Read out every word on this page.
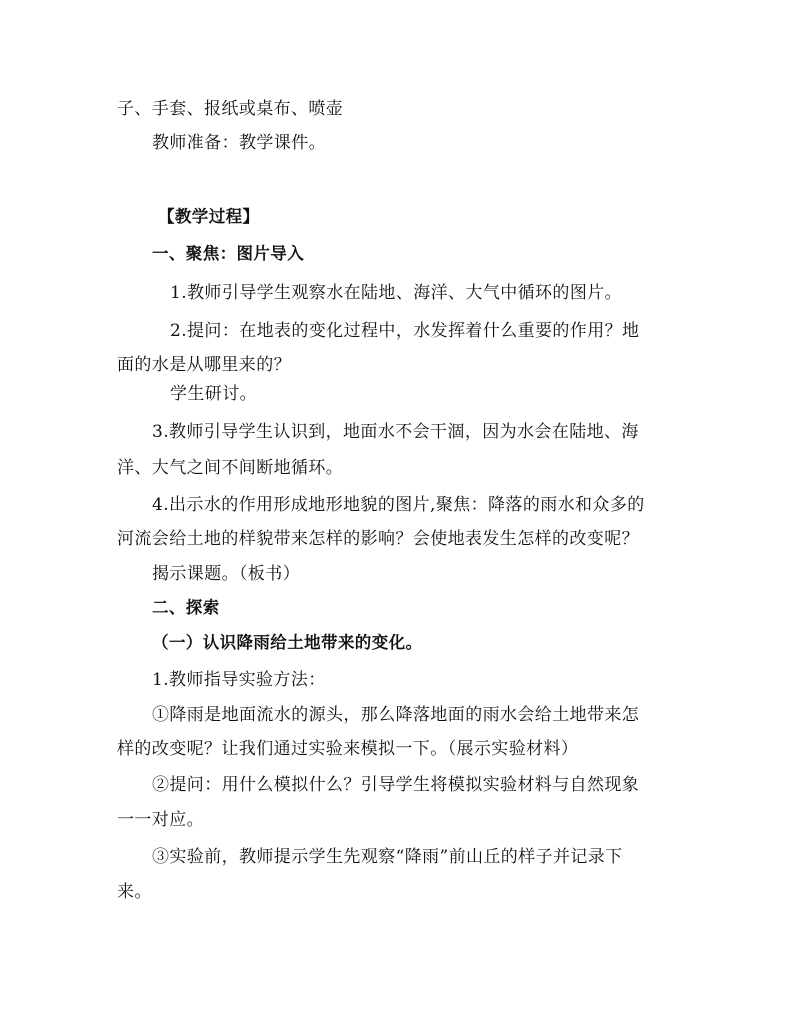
子、手套、报纸或桌布、喷壶
教师准备：教学课件。
【教学过程】
一、聚焦：图片导入
1.教师引导学生观察水在陆地、海洋、大气中循环的图片。
2.提问：在地表的变化过程中，水发挥着什么重要的作用？地
面的水是从哪里来的？
学生研讨。
3.教师引导学生认识到，地面水不会干涸，因为水会在陆地、海
洋、大气之间不间断地循环。
4.出示水的作用形成地形地貌的图片,聚焦：降落的雨水和众多的
河流会给土地的样貌带来怎样的影响？会使地表发生怎样的改变呢？
揭示课题。（板书）
二、探索
（一）认识降雨给土地带来的变化。
1.教师指导实验方法：
①降雨是地面流水的源头，那么降落地面的雨水会给土地带来怎
样的改变呢？让我们通过实验来模拟一下。（展示实验材料）
②提问：用什么模拟什么？引导学生将模拟实验材料与自然现象
一一对应。
③实验前，教师提示学生先观察“降雨”前山丘的样子并记录下
来。
